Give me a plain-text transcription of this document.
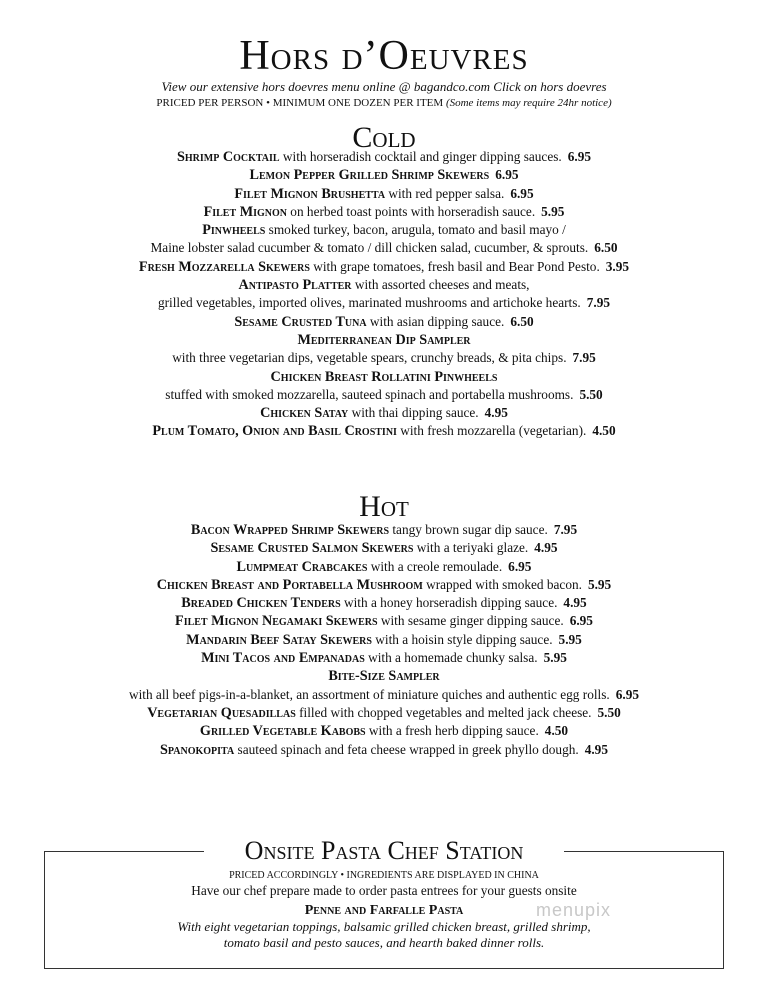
Hors d’Oeuvres
View our extensive hors doevres menu online @ bagandco.com Click on hors doevres
PRICED PER PERSON • MINIMUM ONE DOZEN PER ITEM (Some items may require 24hr notice)
Cold
Shrimp Cocktail with horseradish cocktail and ginger dipping sauces. 6.95
Lemon Pepper Grilled Shrimp Skewers 6.95
Filet Mignon Brushetta with red pepper salsa. 6.95
Filet Mignon on herbed toast points with horseradish sauce. 5.95
Pinwheels smoked turkey, bacon, arugula, tomato and basil mayo /
Maine lobster salad cucumber & tomato / dill chicken salad, cucumber, & sprouts. 6.50
Fresh Mozzarella Skewers with grape tomatoes, fresh basil and Bear Pond Pesto. 3.95
Antipasto Platter with assorted cheeses and meats,
grilled vegetables, imported olives, marinated mushrooms and artichoke hearts. 7.95
Sesame Crusted Tuna with asian dipping sauce. 6.50
Mediterranean Dip Sampler
with three vegetarian dips, vegetable spears, crunchy breads, & pita chips. 7.95
Chicken Breast Rollatini Pinwheels
stuffed with smoked mozzarella, sauteed spinach and portabella mushrooms. 5.50
Chicken Satay with thai dipping sauce. 4.95
Plum Tomato, Onion and Basil Crostini with fresh mozzarella (vegetarian). 4.50
Hot
Bacon Wrapped Shrimp Skewers tangy brown sugar dip sauce. 7.95
Sesame Crusted Salmon Skewers with a teriyaki glaze. 4.95
Lumpmeat Crabcakes with a creole remoulade. 6.95
Chicken Breast and Portabella Mushroom wrapped with smoked bacon. 5.95
Breaded Chicken Tenders with a honey horseradish dipping sauce. 4.95
Filet Mignon Negamaki Skewers with sesame ginger dipping sauce. 6.95
Mandarin Beef Satay Skewers with a hoisin style dipping sauce. 5.95
Mini Tacos and Empanadas with a homemade chunky salsa. 5.95
Bite-Size Sampler
with all beef pigs-in-a-blanket, an assortment of miniature quiches and authentic egg rolls. 6.95
Vegetarian Quesadillas filled with chopped vegetables and melted jack cheese. 5.50
Grilled Vegetable Kabobs with a fresh herb dipping sauce. 4.50
Spanokopita sauteed spinach and feta cheese wrapped in greek phyllo dough. 4.95
Onsite Pasta Chef Station
PRICED ACCORDINGLY • INGREDIENTS ARE DISPLAYED IN CHINA
Have our chef prepare made to order pasta entrees for your guests onsite
Penne and Farfalle Pasta
With eight vegetarian toppings, balsamic grilled chicken breast, grilled shrimp,
tomato basil and pesto sauces, and hearth baked dinner rolls.
menupix
